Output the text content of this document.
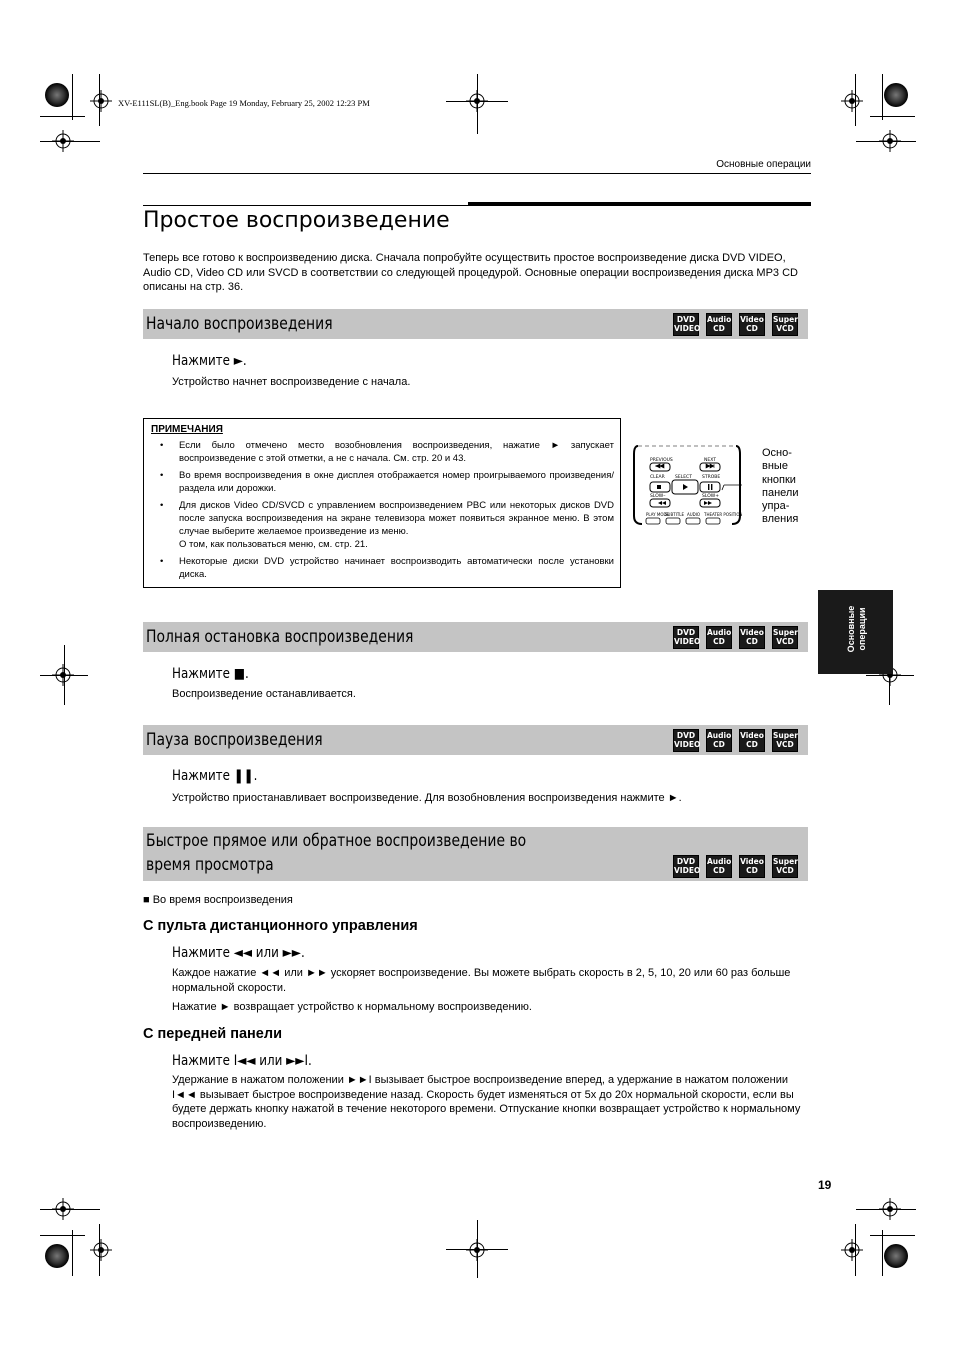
XV-E111SL(B)_Eng.book Page 19 Monday, February 25, 2002 12:23 PM
Основные операции
Простое воспроизведение
Теперь все готово к воспроизведению диска. Сначала попробуйте осуществить простое воспроизведение диска DVD VIDEO, Audio CD, Video CD или SVCD в соответствии со следующей процедурой. Основные операции воспроизведения диска MP3 CD описаны на стр. 36.
Начало воспроизведения	DVD
VIDEO
Audio
CD
Video
CD
Super
VCD
Нажмите ►.
Устройство начнет воспроизведение с начала.
ПРИМЕЧАНИЯ
• Если было отмечено место возобновления воспроизведения, нажатие ► запускает воспроизведение с этой отметки, а не с начала. См. стр. 20 и 43.
• Во время воспроизведения в окне дисплея отображается номер проигрываемого произведения/раздела или дорожки.
• Для дисков Video CD/SVCD с управлением воспроизведением PBC или некоторых дисков DVD после запуска воспроизведения на экране телевизора может появиться экранное меню. В этом случае выберите желаемое произведение из меню.
О том, как пользоваться меню, см. стр. 21.
• Некоторые диски DVD устройство начинает воспроизводить автоматически после установки диска.
PREVIOUS	NEXT
CLEAR SELECT STROBE
SLOW–	SLOW+
PLAY MODE
SUBTITLE AUDIO THEATER POSITION
Осно-
вные
кнопки
панели
упра-
вления
Основные
операции
Полная остановка воспроизведения	DVD
VIDEO
Audio
CD
Video
CD
Super
VCD
Нажмите ■.
Воспроизведение останавливается.
Пауза воспроизведения	DVD
VIDEO
Audio
CD
Video
CD
Super
VCD
Нажмите ❚❚.
Устройство приостанавливает воспроизведение. Для возобновления воспроизведения нажмите ►.
Быстрое прямое или обратное воспроизведение во
время просмотра	DVD
VIDEO
Audio
CD
Video
CD
Super
VCD
■ Во время воспроизведения
С пульта дистанционного управления
Нажмите ◄◄ или ►►.
Каждое нажатие ◄◄ или ►► ускоряет воспроизведение. Вы можете выбрать скорость в 2, 5, 10, 20 или 60 раз больше нормальной скорости.
Нажатие ► возвращает устройство к нормальному воспроизведению.
С передней панели
Нажмите I◄◄ или ►►I.
Удержание в нажатом положении ►►I вызывает быстрое воспроизведение вперед, а удержание в нажатом положении I◄◄ вызывает быстрое воспроизведение назад. Скорость будет изменяться от 5x до 20x нормальной скорости, если вы будете держать кнопку нажатой в течение некоторого времени. Отпускание кнопки возвращает устройство к нормальному воспроизведению.
19
